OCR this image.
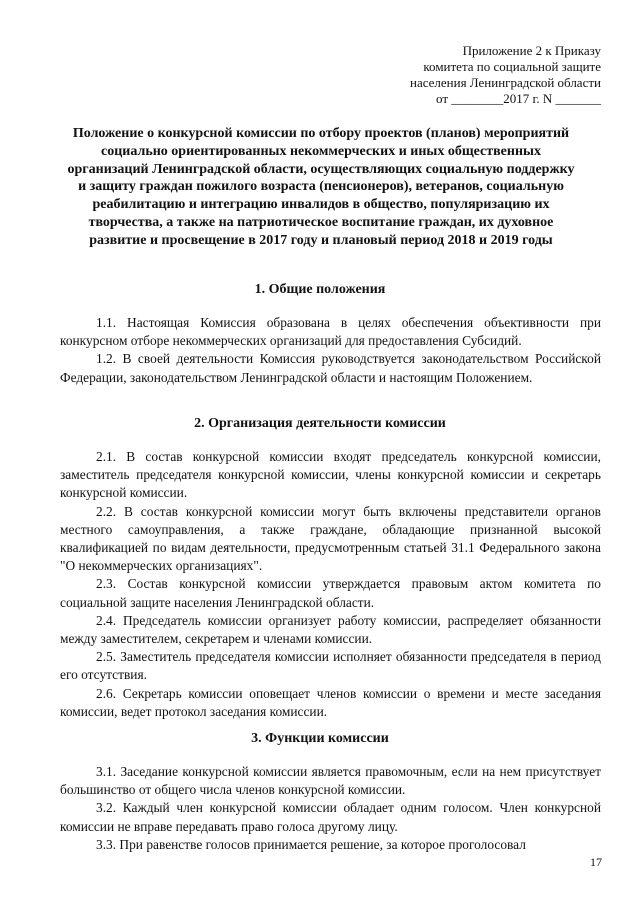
Приложение 2 к Приказу
комитета по социальной защите
населения Ленинградской области
от ________2017 г. N _______
Положение о конкурсной комиссии по отбору проектов (планов) мероприятий социально ориентированных некоммерческих и иных общественных организаций Ленинградской области, осуществляющих социальную поддержку и защиту граждан пожилого возраста (пенсионеров), ветеранов, социальную реабилитацию и интеграцию инвалидов в общество, популяризацию их творчества, а также на патриотическое воспитание граждан, их духовное развитие и просвещение в 2017 году и плановый период 2018 и 2019 годы
1. Общие положения

1.1. Настоящая Комиссия образована в целях обеспечения объективности при конкурсном отборе некоммерческих организаций для предоставления Субсидий.

1.2. В своей деятельности Комиссия руководствуется законодательством Российской Федерации, законодательством Ленинградской области и настоящим Положением.

2. Организация деятельности комиссии

2.1. В состав конкурсной комиссии входят председатель конкурсной комиссии, заместитель председателя конкурсной комиссии, члены конкурсной комиссии и секретарь конкурсной комиссии.

2.2. В состав конкурсной комиссии могут быть включены представители органов местного самоуправления, а также граждане, обладающие признанной высокой квалификацией по видам деятельности, предусмотренным статьей 31.1 Федерального закона "О некоммерческих организациях".

2.3. Состав конкурсной комиссии утверждается правовым актом комитета по социальной защите населения Ленинградской области.

2.4. Председатель комиссии организует работу комиссии, распределяет обязанности между заместителем, секретарем и членами комиссии.

2.5. Заместитель председателя комиссии исполняет обязанности председателя в период его отсутствия.

2.6. Секретарь комиссии оповещает членов комиссии о времени и месте заседания комиссии, ведет протокол заседания комиссии.

3. Функции комиссии

3.1. Заседание конкурсной комиссии является правомочным, если на нем присутствует большинство от общего числа членов конкурсной комиссии.

3.2. Каждый член конкурсной комиссии обладает одним голосом. Член конкурсной комиссии не вправе передавать право голоса другому лицу.

3.3. При равенстве голосов принимается решение, за которое проголосовал

17
